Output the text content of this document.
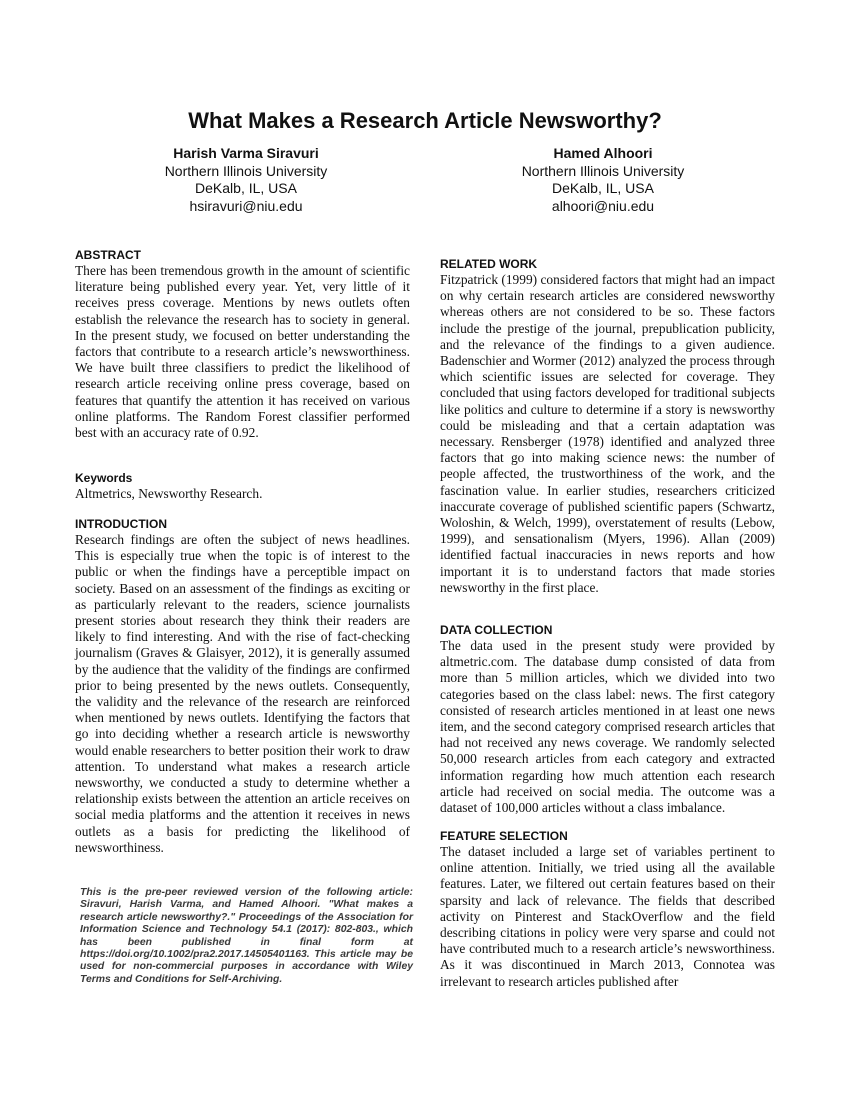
What Makes a Research Article Newsworthy?
Harish Varma Siravuri
Northern Illinois University
DeKalb, IL, USA
hsiravuri@niu.edu
Hamed Alhoori
Northern Illinois University
DeKalb, IL, USA
alhoori@niu.edu
ABSTRACT

There has been tremendous growth in the amount of scientific literature being published every year. Yet, very little of it receives press coverage. Mentions by news outlets often establish the relevance the research has to society in general. In the present study, we focused on better understanding the factors that contribute to a research article’s newsworthiness. We have built three classifiers to predict the likelihood of research article receiving online press coverage, based on features that quantify the attention it has received on various online platforms. The Random Forest classifier performed best with an accuracy rate of 0.92.

Keywords

Altmetrics, Newsworthy Research.

INTRODUCTION

Research findings are often the subject of news headlines. This is especially true when the topic is of interest to the public or when the findings have a perceptible impact on society. Based on an assessment of the findings as exciting or as particularly relevant to the readers, science journalists present stories about research they think their readers are likely to find interesting. And with the rise of fact-checking journalism (Graves & Glaisyer, 2012), it is generally assumed by the audience that the validity of the findings are confirmed prior to being presented by the news outlets. Consequently, the validity and the relevance of the research are reinforced when mentioned by news outlets. Identifying the factors that go into deciding whether a research article is newsworthy would enable researchers to better position their work to draw attention. To understand what makes a research article newsworthy, we conducted a study to determine whether a relationship exists between the attention an article receives on social media platforms and the attention it receives in news outlets as a basis for predicting the likelihood of newsworthiness.

This is the pre-peer reviewed version of the following article: Siravuri, Harish Varma, and Hamed Alhoori. "What makes a research article newsworthy?." Proceedings of the Association for Information Science and Technology 54.1 (2017): 802-803., which has been published in final form at https://doi.org/10.1002/pra2.2017.14505401163. This article may be used for non-commercial purposes in accordance with Wiley Terms and Conditions for Self-Archiving.
RELATED WORK

Fitzpatrick (1999) considered factors that might had an impact on why certain research articles are considered newsworthy whereas others are not considered to be so. These factors include the prestige of the journal, prepublication publicity, and the relevance of the findings to a given audience. Badenschier and Wormer (2012) analyzed the process through which scientific issues are selected for coverage. They concluded that using factors developed for traditional subjects like politics and culture to determine if a story is newsworthy could be misleading and that a certain adaptation was necessary. Rensberger (1978) identified and analyzed three factors that go into making science news: the number of people affected, the trustworthiness of the work, and the fascination value. In earlier studies, researchers criticized inaccurate coverage of published scientific papers (Schwartz, Woloshin, & Welch, 1999), overstatement of results (Lebow, 1999), and sensationalism (Myers, 1996). Allan (2009) identified factual inaccuracies in news reports and how important it is to understand factors that made stories newsworthy in the first place.

DATA COLLECTION

The data used in the present study were provided by altmetric.com. The database dump consisted of data from more than 5 million articles, which we divided into two categories based on the class label: news. The first category consisted of research articles mentioned in at least one news item, and the second category comprised research articles that had not received any news coverage. We randomly selected 50,000 research articles from each category and extracted information regarding how much attention each research article had received on social media. The outcome was a dataset of 100,000 articles without a class imbalance.

FEATURE SELECTION

The dataset included a large set of variables pertinent to online attention. Initially, we tried using all the available features. Later, we filtered out certain features based on their sparsity and lack of relevance. The fields that described activity on Pinterest and StackOverflow and the field describing citations in policy were very sparse and could not have contributed much to a research article’s newsworthiness. As it was discontinued in March 2013, Connotea was irrelevant to research articles published after
